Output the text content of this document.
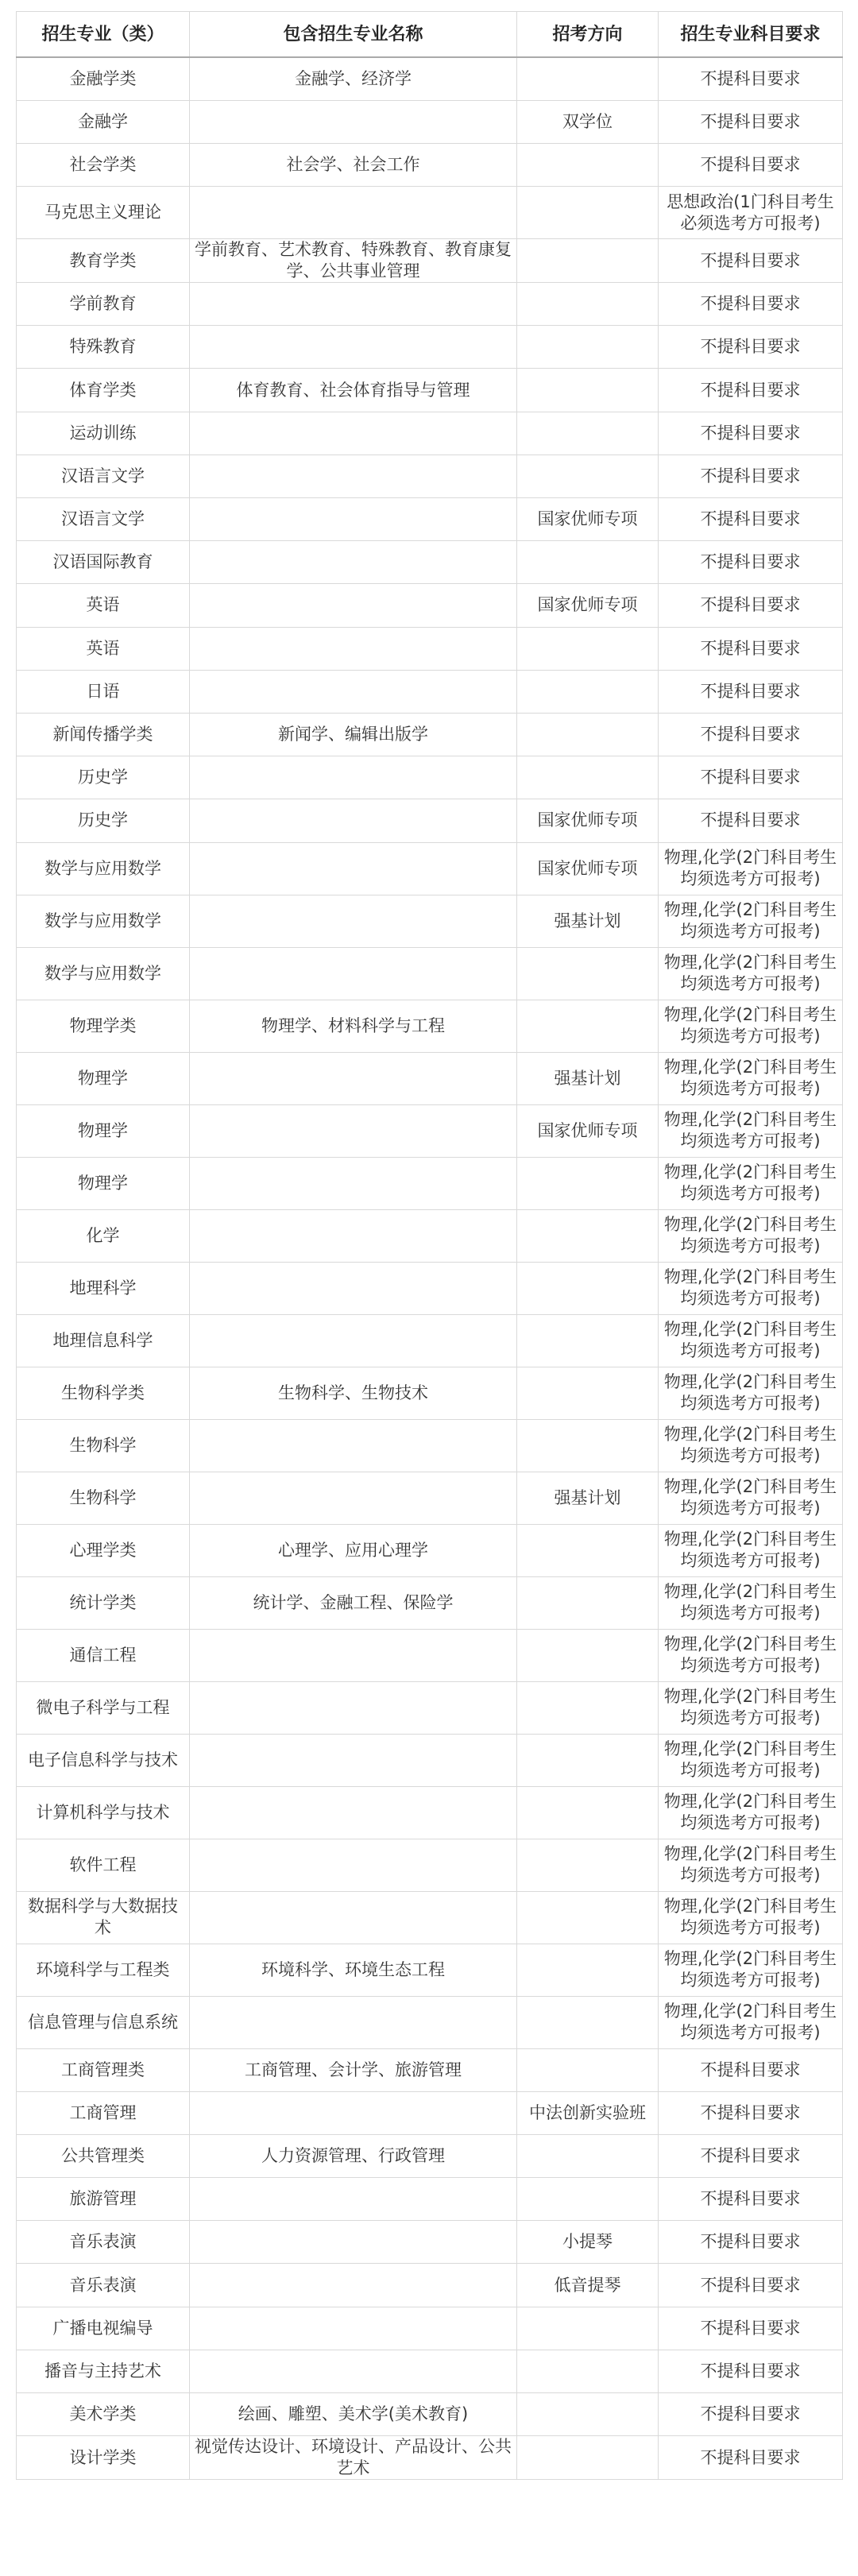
招生专业（类）	包含招生专业名称	招考方向	招生专业科目要求
金融学类	金融学、经济学		不提科目要求
金融学		双学位	不提科目要求
社会学类	社会学、社会工作		不提科目要求
马克思主义理论			思想政治(1门科目考生必须选考方可报考)
教育学类	学前教育、艺术教育、特殊教育、教育康复学、公共事业管理		不提科目要求
学前教育			不提科目要求
特殊教育			不提科目要求
体育学类	体育教育、社会体育指导与管理		不提科目要求
运动训练			不提科目要求
汉语言文学			不提科目要求
汉语言文学		国家优师专项	不提科目要求
汉语国际教育			不提科目要求
英语		国家优师专项	不提科目要求
英语			不提科目要求
日语			不提科目要求
新闻传播学类	新闻学、编辑出版学		不提科目要求
历史学			不提科目要求
历史学		国家优师专项	不提科目要求
数学与应用数学		国家优师专项	物理,化学(2门科目考生均须选考方可报考)
数学与应用数学		强基计划	物理,化学(2门科目考生均须选考方可报考)
数学与应用数学			物理,化学(2门科目考生均须选考方可报考)
物理学类	物理学、材料科学与工程		物理,化学(2门科目考生均须选考方可报考)
物理学		强基计划	物理,化学(2门科目考生均须选考方可报考)
物理学		国家优师专项	物理,化学(2门科目考生均须选考方可报考)
物理学			物理,化学(2门科目考生均须选考方可报考)
化学			物理,化学(2门科目考生均须选考方可报考)
地理科学			物理,化学(2门科目考生均须选考方可报考)
地理信息科学			物理,化学(2门科目考生均须选考方可报考)
生物科学类	生物科学、生物技术		物理,化学(2门科目考生均须选考方可报考)
生物科学			物理,化学(2门科目考生均须选考方可报考)
生物科学		强基计划	物理,化学(2门科目考生均须选考方可报考)
心理学类	心理学、应用心理学		物理,化学(2门科目考生均须选考方可报考)
统计学类	统计学、金融工程、保险学		物理,化学(2门科目考生均须选考方可报考)
通信工程			物理,化学(2门科目考生均须选考方可报考)
微电子科学与工程			物理,化学(2门科目考生均须选考方可报考)
电子信息科学与技术			物理,化学(2门科目考生均须选考方可报考)
计算机科学与技术			物理,化学(2门科目考生均须选考方可报考)
软件工程			物理,化学(2门科目考生均须选考方可报考)
数据科学与大数据技术			物理,化学(2门科目考生均须选考方可报考)
环境科学与工程类	环境科学、环境生态工程		物理,化学(2门科目考生均须选考方可报考)
信息管理与信息系统			物理,化学(2门科目考生均须选考方可报考)
工商管理类	工商管理、会计学、旅游管理		不提科目要求
工商管理		中法创新实验班	不提科目要求
公共管理类	人力资源管理、行政管理		不提科目要求
旅游管理			不提科目要求
音乐表演		小提琴	不提科目要求
音乐表演		低音提琴	不提科目要求
广播电视编导			不提科目要求
播音与主持艺术			不提科目要求
美术学类	绘画、雕塑、美术学(美术教育)		不提科目要求
设计学类	视觉传达设计、环境设计、产品设计、公共艺术		不提科目要求
